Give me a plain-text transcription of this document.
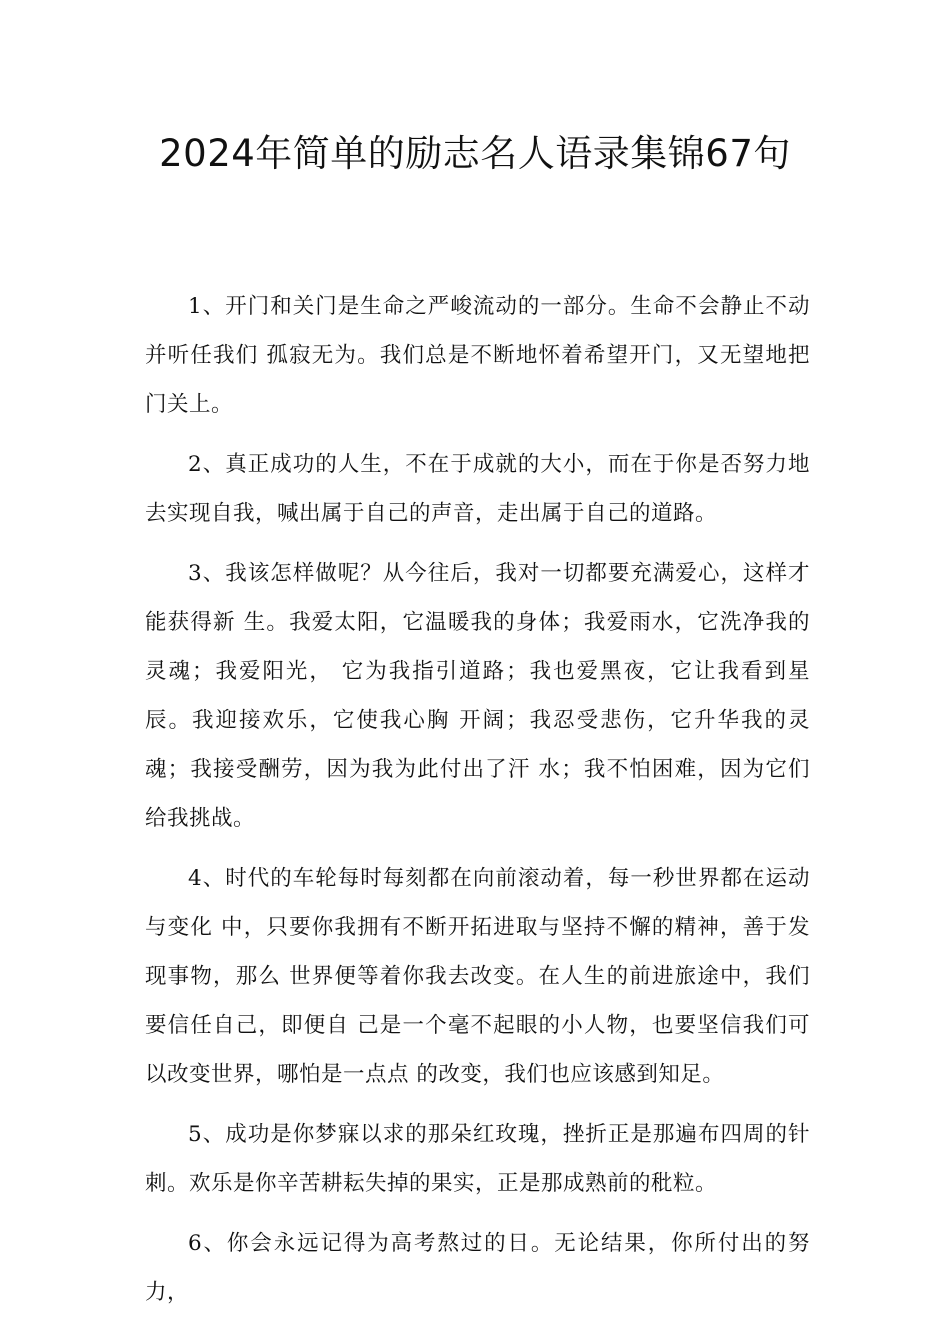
2024年简单的励志名人语录集锦67句

1、开门和关门是生命之严峻流动的一部分。生命不会静止不动并听任我们 孤寂无为。我们总是不断地怀着希望开门，又无望地把门关上。

2、真正成功的人生，不在于成就的大小，而在于你是否努力地去实现自我，喊出属于自己的声音，走出属于自己的道路。

3、我该怎样做呢？从今往后，我对一切都要充满爱心，这样才能获得新 生。我爱太阳，它温暖我的身体；我爱雨水，它洗净我的灵魂；我爱阳光， 它为我指引道路；我也爱黑夜，它让我看到星辰。我迎接欢乐，它使我心胸 开阔；我忍受悲伤，它升华我的灵魂；我接受酬劳，因为我为此付出了汗 水；我不怕困难，因为它们给我挑战。

4、时代的车轮每时每刻都在向前滚动着，每一秒世界都在运动与变化 中，只要你我拥有不断开拓进取与坚持不懈的精神，善于发现事物，那么 世界便等着你我去改变。在人生的前进旅途中，我们要信任自己，即便自 己是一个毫不起眼的小人物，也要坚信我们可以改变世界，哪怕是一点点 的改变，我们也应该感到知足。

5、成功是你梦寐以求的那朵红玫瑰，挫折正是那遍布四周的针刺。欢乐是你辛苦耕耘失掉的果实，正是那成熟前的秕粒。

6、你会永远记得为高考熬过的日。无论结果，你所付出的努力，
